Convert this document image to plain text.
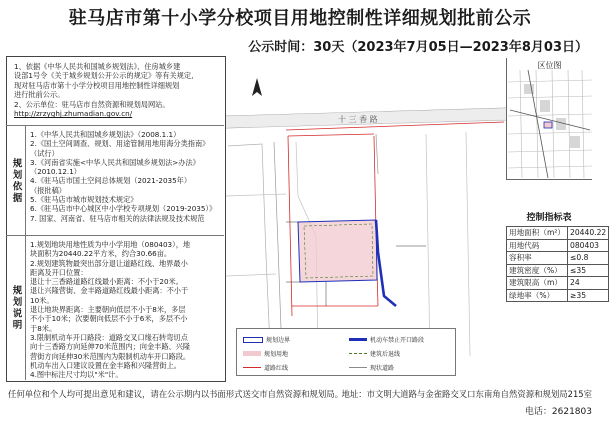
驻马店市第十小学分校项目用地控制性详细规划批前公示
公示时间：30天（2023年7月05日—2023年8月03日）

1、依据《中华人民共和国城乡规划法》、住房城乡建

设部1号令《关于城乡规划公开公示的规定》等有关规定,

现对驻马店市第十小学分校项目用地控制性详细规划

进行批前公示。

2、公示单位：驻马店市自然资源和规划局网站。

http://zrzyghj.zhumadian.gov.cn/

规划依据

1.《中华人民共和国城乡规划法》（2008.1.1）

2.《国土空间调查、规划、用途管制用地用海分类指南》

（试行）

3.《河南省实施<中华人民共和国城乡规划法>办法》

（2010.12.1）

4.《驻马店市国土空间总体规划（2021-2035年）

（报批稿）

5.《驻马店市城市规划技术规定》

6.《驻马店市中心城区中小学校专项规划（2019-2035）》

7. 国家、河南省、驻马店市相关的法律法规及技术规范

规划说明

1.规划地块用地性质为中小学用地（080403），地

块面积为20440.22平方米，约合30.66亩。

2.规划建筑物最突出部分退让道路红线、地界最小

距离及开口位置：

退让十三香路道路红线最小距离：不小于20米。

退让兴隆营街、金丰路道路红线最小距离：不小于

10米。

退让地块界距离：主要朝向低层不小于8米，多层

不小于10米；次要朝向低层不小于6米，多层不小

于8米。

3.限制机动车开口路段：道路交叉口缘石转弯切点

向十三香路方向延伸70米范围内；向金丰路、兴隆

营街方向延伸30米范围内为限制机动车开口路段。

机动车出入口建议设置在金丰路和兴隆营街上。

4.图中标注尺寸均以"米"计。

十 三 香 路
区位图
控制指标表
用地面积（m²）	20440.22
用地代码	080403
容积率	≤0.8
建筑密度（%）	≤35
建筑限高（m）	24
绿地率（%）	≥35
规划边界
规划用地
道路红线
机动车禁止开口路段
建筑后退线
现状道路
任何单位和个人均可提出意见和建议，请在公示期内以书面形式送交市自然资源和规划局。
地址：市文明大道路与金雀路交叉口东南角自然资源和规划局215室
电话：2621803
